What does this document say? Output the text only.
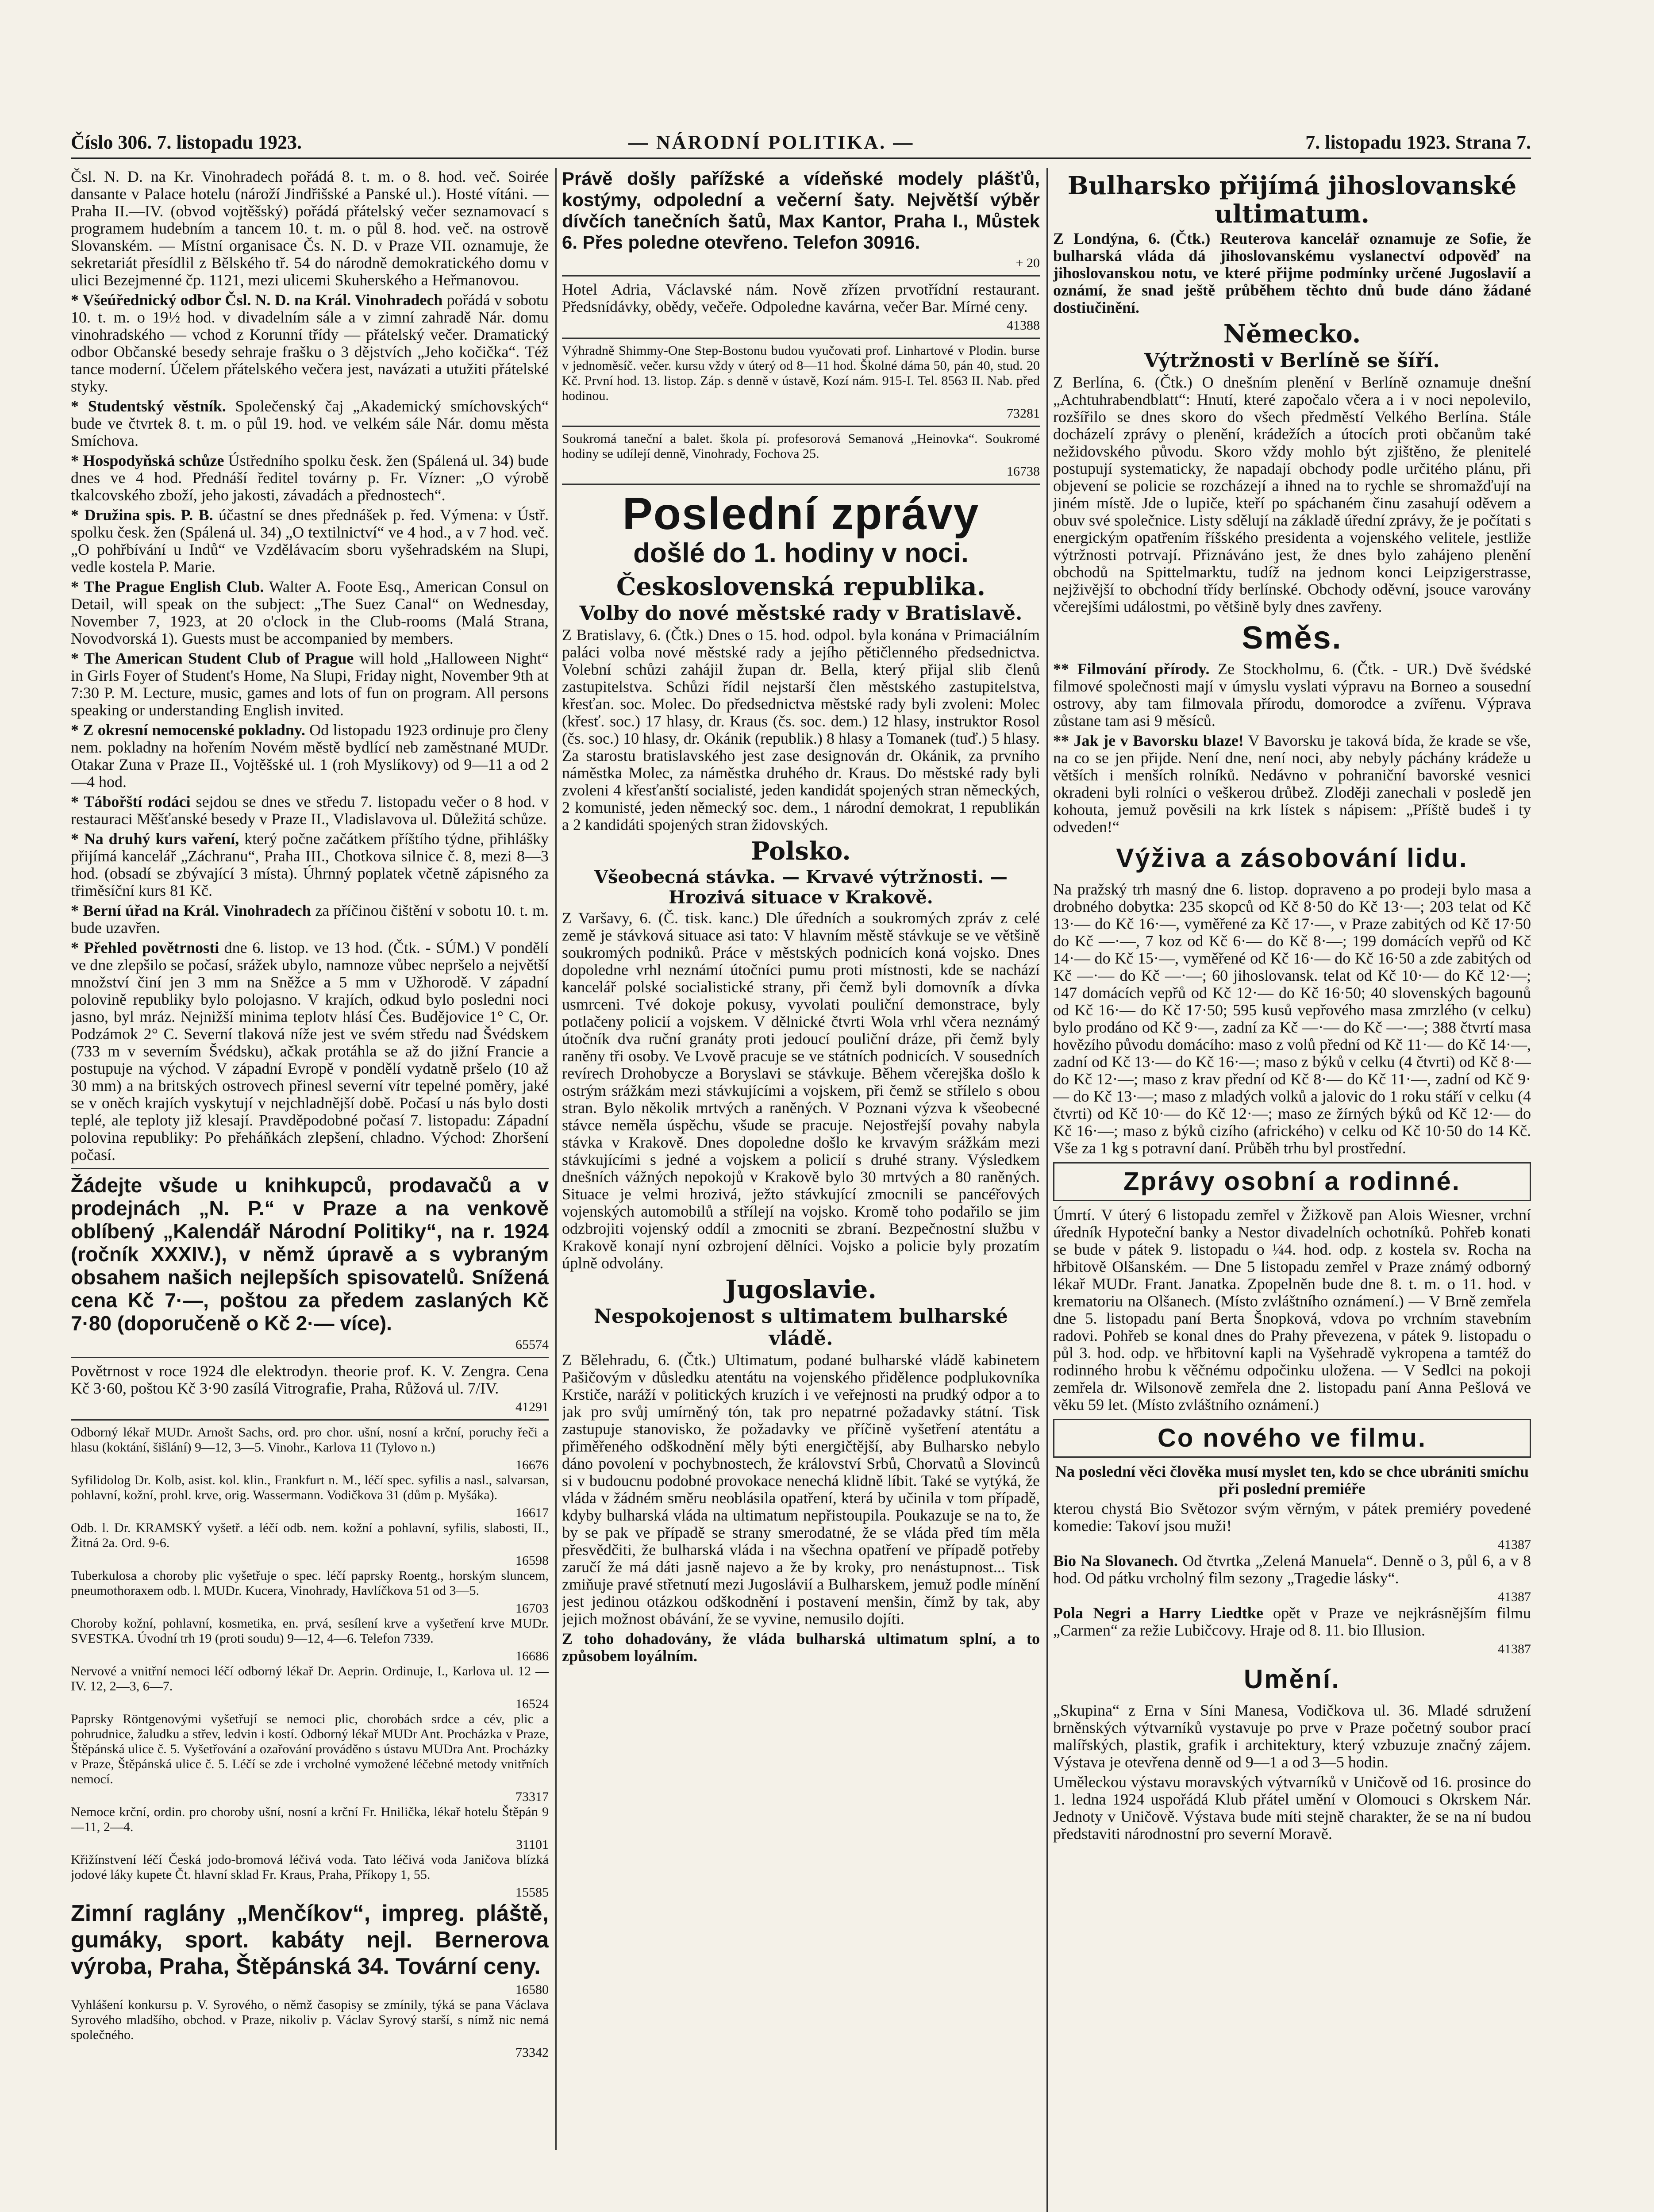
Číslo 306. 7. listopadu 1923.	— NÁRODNÍ POLITIKA. —	7. listopadu 1923. Strana 7.
Čsl. N. D. na Kr. Vinohradech pořádá 8. t. m. o 8. hod. več. Soirée dansante v Palace hotelu (nároží Jindřišské a Panské ul.). Hosté vítáni. — Praha II.—IV. (obvod vojtěšský) pořádá přátelský večer seznamovací s programem hudebním a tancem 10. t. m. o půl 8. hod. več. na ostrově Slovanském. — Místní organisace Čs. N. D. v Praze VII. oznamuje, že sekretariát přesídlil z Bělského tř. 54 do národně demokratického domu v ulici Bezejmenné čp. 1121, mezi ulicemi Skuherského a Heřmanovou.
* Všeúřednický odbor Čsl. N. D. na Král. Vinohradech pořádá v sobotu 10. t. m. o 19½ hod. v divadelním sále a v zimní zahradě Nár. domu vinohradského — vchod z Korunní třídy — přátelský večer. Dramatický odbor Občanské besedy sehraje frašku o 3 dějstvích „Jeho kočička“. Též tance moderní. Účelem přátelského večera jest, navázati a utužiti přátelské styky.
* Studentský věstník. Společenský čaj „Akademický smíchovských“ bude ve čtvrtek 8. t. m. o půl 19. hod. ve velkém sále Nár. domu města Smíchova.
* Hospodyňská schůze Ústředního spolku česk. žen (Spálená ul. 34) bude dnes ve 4 hod. Přednáší ředitel továrny p. Fr. Vízner: „O výrobě tkalcovského zboží, jeho jakosti, závadách a přednostech“.
* Družina spis. P. B. účastní se dnes přednášek p. řed. Výmena: v Ústř. spolku česk. žen (Spálená ul. 34) „O textilnictví“ ve 4 hod., a v 7 hod. več. „O pohřbívání u Indů“ ve Vzdělávacím sboru vyšehradském na Slupi, vedle kostela P. Marie.
* The Prague English Club. Walter A. Foote Esq., American Consul on Detail, will speak on the subject: „The Suez Canal“ on Wednesday, November 7, 1923, at 20 o'clock in the Club-rooms (Malá Strana, Novodvorská 1). Guests must be accompanied by members.
* The American Student Club of Prague will hold „Halloween Night“ in Girls Foyer of Student's Home, Na Slupi, Friday night, November 9th at 7:30 P. M. Lecture, music, games and lots of fun on program. All persons speaking or understanding English invited.
* Z okresní nemocenské pokladny. Od listopadu 1923 ordinuje pro členy nem. pokladny na hořením Novém městě bydlící neb zaměstnané MUDr. Otakar Zuna v Praze II., Vojtěšské ul. 1 (roh Myslíkovy) od 9—11 a od 2—4 hod.
* Tábořští rodáci sejdou se dnes ve středu 7. listopadu večer o 8 hod. v restauraci Měšťanské besedy v Praze II., Vladislavova ul. Důležitá schůze.
* Na druhý kurs vaření, který počne začátkem příštího týdne, přihlášky přijímá kancelář „Záchranu“, Praha III., Chotkova silnice č. 8, mezi 8—3 hod. (obsadí se zbývající 3 místa). Úhrnný poplatek včetně zápisného za třiměsíční kurs 81 Kč.
* Berní úřad na Král. Vinohradech za příčinou čištění v sobotu 10. t. m. bude uzavřen.
* Přehled povětrnosti dne 6. listop. ve 13 hod. (Čtk. - SÚM.) V pondělí ve dne zlepšilo se počasí, srážek ubylo, namnoze vůbec nepršelo a největší množství činí jen 3 mm na Sněžce a 5 mm v Užhorodě. V západní polovině republiky bylo polojasno. V krajích, odkud bylo posledni noci jasno, byl mráz. Nejnižší minima teplotv hlásí Čes. Budějovice 1° C, Or. Podzámok 2° C. Severní tlaková níže jest ve svém středu nad Švédskem (733 m v severním Švédsku), ačkak protáhla se až do jižní Francie a postupuje na východ. V západní Evropě v pondělí vydatně pršelo (10 až 30 mm) a na britských ostrovech přinesl severní vítr tepelné poměry, jaké se v oněch krajích vyskytují v nejchladnější době. Počasí u nás bylo dosti teplé, ale teploty již klesají. Pravděpodobné počasí 7. listopadu: Západní polovina republiky: Po přeháňkách zlepšení, chladno. Východ: Zhoršení počasí.
Žádejte všude u knihkupců, prodavačů a v prodejnách „N. P.“ v Praze a na venkově oblíbený „Kalendář Národní Politiky“, na r. 1924 (ročník XXXIV.), v němž úpravě a s vybraným obsahem našich nejlepších spisovatelů. Snížená cena Kč 7·—, poštou za předem zaslaných Kč 7·80 (doporučeně o Kč 2·— více).
65574
Povětrnost v roce 1924 dle elektrodyn. theorie prof. K. V. Zengra. Cena Kč 3·60, poštou Kč 3·90 zasílá Vitrografie, Praha, Růžová ul. 7/IV.
41291
Odborný lékař MUDr. Arnošt Sachs, ord. pro chor. ušní, nosní a krční, poruchy řeči a hlasu (koktání, šišlání) 9—12, 3—5. Vinohr., Karlova 11 (Tylovo n.)
16676
Syfilidolog Dr. Kolb, asist. kol. klin., Frankfurt n. M., léčí spec. syfilis a nasl., salvarsan, pohlavní, kožní, prohl. krve, orig. Wassermann. Vodičkova 31 (dům p. Myšáka).
16617
Odb. l. Dr. KRAMSKÝ vyšetř. a léčí odb. nem. kožní a pohlavní, syfilis, slabosti, II., Žitná 2a. Ord. 9-6.
16598
Tuberkulosa a choroby plic vyšetřuje o spec. léčí paprsky Roentg., horským sluncem, pneumothoraxem odb. l. MUDr. Kucera, Vinohrady, Havlíčkova 51 od 3—5.
16703
Choroby kožní, pohlavní, kosmetika, en. prvá, sesílení krve a vyšetření krve MUDr. SVESTKA. Úvodní trh 19 (proti soudu) 9—12, 4—6. Telefon 7339.
16686
Nervové a vnitřní nemoci léčí odborný lékař Dr. Aeprin. Ordinuje, I., Karlova ul. 12 — IV. 12, 2—3, 6—7.
16524
Paprsky Röntgenovými vyšetřují se nemoci plic, chorobách srdce a cév, plic a pohrudnice, žaludku a střev, ledvin i kostí. Odborný lékař MUDr Ant. Procházka v Praze, Štěpánská ulice č. 5. Vyšetřování a ozařování prováděno s ústavu MUDra Ant. Procházky v Praze, Štěpánská ulice č. 5. Léčí se zde i vrcholné vymožené léčebné metody vnitřních nemocí.
73317
Nemoce krční, ordin. pro choroby ušní, nosní a krční Fr. Hnilička, lékař hotelu Štěpán 9—11, 2—4.
31101
Křižínstvení léčí Česká jodo-bromová léčivá voda. Tato léčivá voda Janičova blízká jodové láky kupete Čt. hlavní sklad Fr. Kraus, Praha, Příkopy 1, 55.
15585
Zimní raglány „Menčíkov“, impreg. pláště, gumáky, sport. kabáty nejl. Bernerova výroba, Praha, Štěpánská 34. Tovární ceny.
16580
Vyhlášení konkursu p. V. Syrového, o němž časopisy se zmínily, týká se pana Václava Syrového mladšího, obchod. v Praze, nikoliv p. Václav Syrový starší, s nímž nic nemá společného.
73342
Právě došly pařížské a vídeňské modely plášťů, kostýmy, odpolední a večerní šaty. Největší výběr dívčích tanečních šatů, Max Kantor, Praha I., Můstek 6. Přes poledne otevřeno. Telefon 30916.
+ 20
Hotel Adria, Václavské nám. Nově zřízen prvotřídní restaurant. Předsnídávky, obědy, večeře. Odpoledne kavárna, večer Bar. Mírné ceny.
41388
Výhradně Shimmy-One Step-Bostonu budou vyučovati prof. Linhartové v Plodin. burse v jednoměsíč. večer. kursu vždy v úterý od 8—11 hod. Školné dáma 50, pán 40, stud. 20 Kč. První hod. 13. listop. Záp. s denně v ústavě, Kozí nám. 915-I. Tel. 8563 II. Nab. před hodinou.
73281
Soukromá taneční a balet. škola pí. profesorová Semanová „Heinovka“. Soukromé hodiny se udílejí denně, Vinohrady, Fochova 25.
16738
Poslední zprávy
došlé do 1. hodiny v noci.
Československá republika.
Volby do nové městské rady v Bratislavě.
Z Bratislavy, 6. (Čtk.) Dnes o 15. hod. odpol. byla konána v Primaciálním paláci volba nové městské rady a jejího pětičlenného předsednictva. Volební schůzi zahájil župan dr. Bella, který přijal slib členů zastupitelstva. Schůzi řídil nejstarší člen městského zastupitelstva, křesťan. soc. Molec. Do předsednictva městské rady byli zvoleni: Molec (křesť. soc.) 17 hlasy, dr. Kraus (čs. soc. dem.) 12 hlasy, instruktor Rosol (čs. soc.) 10 hlasy, dr. Okánik (republik.) 8 hlasy a Tomanek (tuď.) 5 hlasy. Za starostu bratislavského jest zase designován dr. Okánik, za prvního náměstka Molec, za náměstka druhého dr. Kraus. Do městské rady byli zvoleni 4 křesťanští socialisté, jeden kandidát spojených stran německých, 2 komunisté, jeden německý soc. dem., 1 národní demokrat, 1 republikán a 2 kandidáti spojených stran židovských.
Polsko.
Všeobecná stávka. — Krvavé výtržnosti. — Hrozivá situace v Krakově.
Z Varšavy, 6. (Č. tisk. kanc.) Dle úředních a soukromých zpráv z celé země je stávková situace asi tato: V hlavním městě stávkuje se ve většině soukromých podniků. Práce v městských podnicích koná vojsko. Dnes dopoledne vrhl neznámí útočníci pumu proti místnosti, kde se nachází kancelář polské socialistické strany, při čemž byli domovník a dívka usmrceni. Tvé dokoje pokusy, vyvolati pouliční demonstrace, byly potlačeny policií a vojskem. V dělnické čtvrti Wola vrhl včera neznámý útočník dva ruční granáty proti jedoucí pouliční dráze, při čemž byly raněny tři osoby. Ve Lvově pracuje se ve státních podnicích. V sousedních revírech Drohobycze a Boryslavi se stávkuje. Během včerejška došlo k ostrým srážkám mezi stávkujícími a vojskem, při čemž se střílelo s obou stran. Bylo několik mrtvých a raněných. V Poznani výzva k všeobecné stávce neměla úspěchu, všude se pracuje. Nejostřejší povahy nabyla stávka v Krakově. Dnes dopoledne došlo ke krvavým srážkám mezi stávkujícími s jedné a vojskem a policií s druhé strany. Výsledkem dnešních vážných nepokojů v Krakově bylo 30 mrtvých a 80 raněných. Situace je velmi hrozivá, ježto stávkující zmocnili se pancéřových vojenských automobilů a střílejí na vojsko. Kromě toho podařilo se jim odzbrojiti vojenský oddíl a zmocniti se zbraní. Bezpečnostní službu v Krakově konají nyní ozbrojení dělníci. Vojsko a policie byly prozatím úplně odvolány.
Jugoslavie.
Nespokojenost s ultimatem bulharské vládě.
Z Bělehradu, 6. (Čtk.) Ultimatum, podané bulharské vládě kabinetem Pašičovým v důsledku atentátu na vojenského přidělence podplukovníka Krstiče, naráží v politických kruzích i ve veřejnosti na prudký odpor a to jak pro svůj umírněný tón, tak pro nepatrné požadavky státní. Tisk zastupuje stanovisko, že požadavky ve příčině vyšetření atentátu a přiměřeného odškodnění měly býti energičtější, aby Bulharsko nebylo dáno povolení v pochybnostech, že království Srbů, Chorvatů a Slovinců si v budoucnu podobné provokace nenechá klidně líbit. Také se vytýká, že vláda v žádném směru neoblásila opatření, která by učinila v tom případě, kdyby bulharská vláda na ultimatum nepřistoupila. Poukazuje se na to, že by se pak ve případě se strany smerodatné, že se vláda před tím měla přesvědčiti, že bulharská vláda i na všechna opatření ve případě potřeby zaručí že má dáti jasně najevo a že by kroky, pro nenástupnost... Tisk zmiňuje pravé střetnutí mezi Jugoslávií a Bulharskem, jemuž podle mínění jest jedinou otázkou odškodnění i postavení menšin, čímž by tak, aby jejich možnost obávání, že se vyvine, nemusilo dojíti.
Z toho dohadovány, že vláda bulharská ultimatum splní, a to způsobem loyálním.
Bulharsko přijímá jihoslovanské ultimatum.
Z Londýna, 6. (Čtk.) Reuterova kancelář oznamuje ze Sofie, že bulharská vláda dá jihoslovanskému vyslanectví odpověď na jihoslovanskou notu, ve které přijme podmínky určené Jugoslavií a oznámí, že snad ještě průběhem těchto dnů bude dáno žádané dostiučinění.
Německo.
Výtržnosti v Berlíně se šíří.
Z Berlína, 6. (Čtk.) O dnešním plenění v Berlíně oznamuje dnešní „Achtuhrabendblatt“: Hnutí, které započalo včera a i v noci nepolevilo, rozšířilo se dnes skoro do všech předměstí Velkého Berlína. Stále docházelí zprávy o plenění, krádežích a útocích proti občanům také nežidovského původu. Skoro vždy mohlo být zjištěno, že plenitelé postupují systematicky, že napadají obchody podle určitého plánu, při objevení se policie se rozcházejí a ihned na to rychle se shromažďují na jiném místě. Jde o lupiče, kteří po spáchaném činu zasahují oděvem a obuv své společnice. Listy sdělují na základě úřední zprávy, že je počítati s energickým opatřením říšského presidenta a vojenského velitele, jestliže výtržnosti potrvají. Přiznáváno jest, že dnes bylo zahájeno plenění obchodů na Spittelmarktu, tudíž na jednom konci Leipzigerstrasse, nejživější to obchodní třídy berlínské. Obchody oděvní, jsouce varovány včerejšími událostmi, po většině byly dnes zavřeny.
Směs.
** Filmování přírody. Ze Stockholmu, 6. (Čtk. - UR.) Dvě švédské filmové společnosti mají v úmyslu vyslati výpravu na Borneo a sousední ostrovy, aby tam filmovala přírodu, domorodce a zvířenu. Výprava zůstane tam asi 9 měsíců.
** Jak je v Bavorsku blaze! V Bavorsku je taková bída, že krade se vše, na co se jen přijde. Není dne, není noci, aby nebyly páchány krádeže u větších i menších rolníků. Nedávno v pohraniční bavorské vesnici okradeni byli rolníci o veškerou drůbež. Zloději zanechali v posledě jen kohouta, jemuž pověsili na krk lístek s nápisem: „Příště budeš i ty odveden!“
Výživa a zásobování lidu.
Na pražský trh masný dne 6. listop. dopraveno a po prodeji bylo masa a drobného dobytka: 235 skopců od Kč 8·50 do Kč 13·—; 203 telat od Kč 13·— do Kč 16·—, vyměřené za Kč 17·—, v Praze zabitých od Kč 17·50 do Kč —·—, 7 koz od Kč 6·— do Kč 8·—; 199 domácích vepřů od Kč 14·— do Kč 15·—, vyměřené od Kč 16·— do Kč 16·50 a zde zabitých od Kč —·— do Kč —·—; 60 jihoslovansk. telat od Kč 10·— do Kč 12·—; 147 domácích vepřů od Kč 12·— do Kč 16·50; 40 slovenských bagounů od Kč 16·— do Kč 17·50; 595 kusů vepřového masa zmrzlého (v celku) bylo prodáno od Kč 9·—, zadní za Kč —·— do Kč —·—; 388 čtvrtí masa hovězího původu domácího: maso z volů přední od Kč 11·— do Kč 14·—, zadní od Kč 13·— do Kč 16·—; maso z býků v celku (4 čtvrti) od Kč 8·— do Kč 12·—; maso z krav přední od Kč 8·— do Kč 11·—, zadní od Kč 9·— do Kč 13·—; maso z mladých volků a jalovic do 1 roku stáří v celku (4 čtvrti) od Kč 10·— do Kč 12·—; maso ze žírných býků od Kč 12·— do Kč 16·—; maso z býků cizího (afrického) v celku od Kč 10·50 do 14 Kč. Vše za 1 kg s potravní daní. Průběh trhu byl prostřední.
Zprávy osobní a rodinné.
Úmrtí. V úterý 6 listopadu zemřel v Žižkově pan Alois Wiesner, vrchní úředník Hypoteční banky a Nestor divadelních ochotníků. Pohřeb konati se bude v pátek 9. listopadu o ¼4. hod. odp. z kostela sv. Rocha na hřbitově Olšanském. — Dne 5 listopadu zemřel v Praze známý odborný lékař MUDr. Frant. Janatka. Zpopelněn bude dne 8. t. m. o 11. hod. v krematoriu na Olšanech. (Místo zvláštního oznámení.) — V Brně zemřela dne 5. listopadu paní Berta Šnopková, vdova po vrchním stavebním radovi. Pohřeb se konal dnes do Prahy převezena, v pátek 9. listopadu o půl 3. hod. odp. ve hřbitovní kapli na Vyšehradě vykropena a tamtéž do rodinného hrobu k věčnému odpočinku uložena. — V Sedlci na pokoji zemřela dr. Wilsonově zemřela dne 2. listopadu paní Anna Pešlová ve věku 59 let. (Místo zvláštního oznámení.)
Co nového ve filmu.
Na poslední věci člověka musí myslet ten, kdo se chce ubrániti smíchu při poslední premiéře
kterou chystá Bio Světozor svým věrným, v pátek premiéry povedené komedie: Takoví jsou muži!
41387
Bio Na Slovanech. Od čtvrtka „Zelená Manuela“. Denně o 3, půl 6, a v 8 hod. Od pátku vrcholný film sezony „Tragedie lásky“.
41387
Pola Negri a Harry Liedtke opět v Praze ve nejkrásnějším filmu „Carmen“ za režie Lubičcovy. Hraje od 8. 11. bio Illusion.
41387
Umění.
„Skupina“ z Erna v Síni Manesa, Vodičkova ul. 36. Mladé sdružení brněnských výtvarníků vystavuje po prve v Praze početný soubor prací malířských, plastik, grafik i architektury, který vzbuzuje značný zájem. Výstava je otevřena denně od 9—1 a od 3—5 hodin.
Uměleckou výstavu moravských výtvarníků v Uničově od 16. prosince do 1. ledna 1924 uspořádá Klub přátel umění v Olomouci s Okrskem Nár. Jednoty v Uničově. Výstava bude míti stejně charakter, že se na ní budou představiti národnostní pro severní Moravě.
